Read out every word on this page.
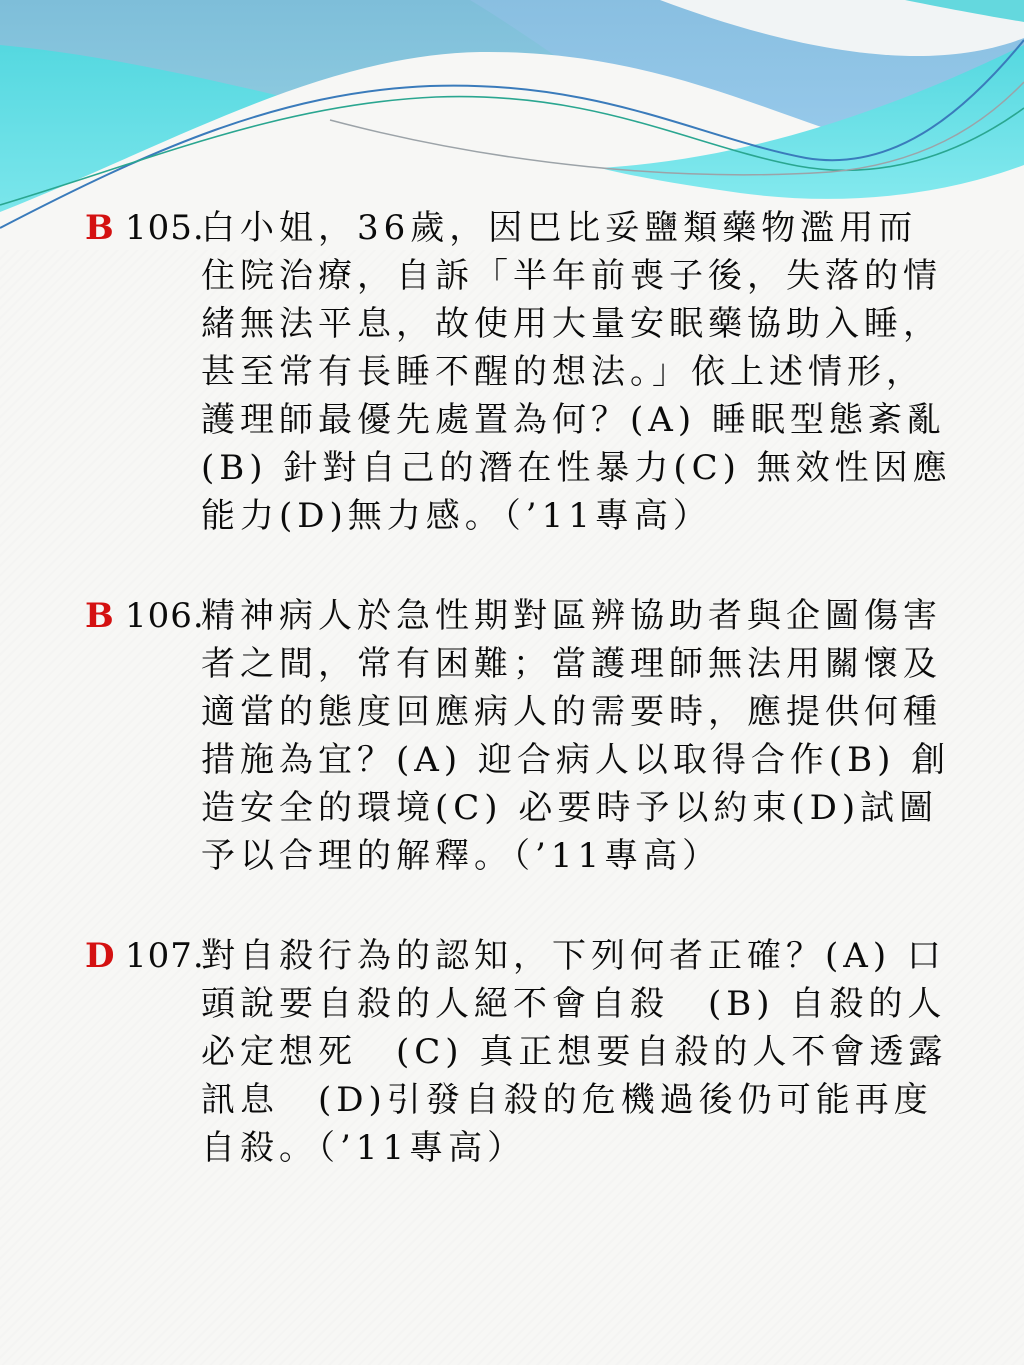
B 105.
白小姐，36歲，因巴比妥鹽類藥物濫用而住院治療，自訴「半年前喪子後，失落的情緒無法平息，故使用大量安眠藥協助入睡，甚至常有長睡不醒的想法。」依上述情形，護理師最優先處置為何？(A) 睡眠型態紊亂(B) 針對自己的潛在性暴力(C) 無效性因應能力(D)無力感。（’11專高）
B 106.
精神病人於急性期對區辨協助者與企圖傷害者之間，常有困難；當護理師無法用關懷及適當的態度回應病人的需要時，應提供何種措施為宜？(A) 迎合病人以取得合作(B) 創造安全的環境(C) 必要時予以約束(D)試圖予以合理的解釋。（’11專高）
D 107.
對自殺行為的認知，下列何者正確？(A) 口頭說要自殺的人絕不會自殺　(B) 自殺的人必定想死　(C) 真正想要自殺的人不會透露訊息　(D)引發自殺的危機過後仍可能再度自殺。（’11專高）
